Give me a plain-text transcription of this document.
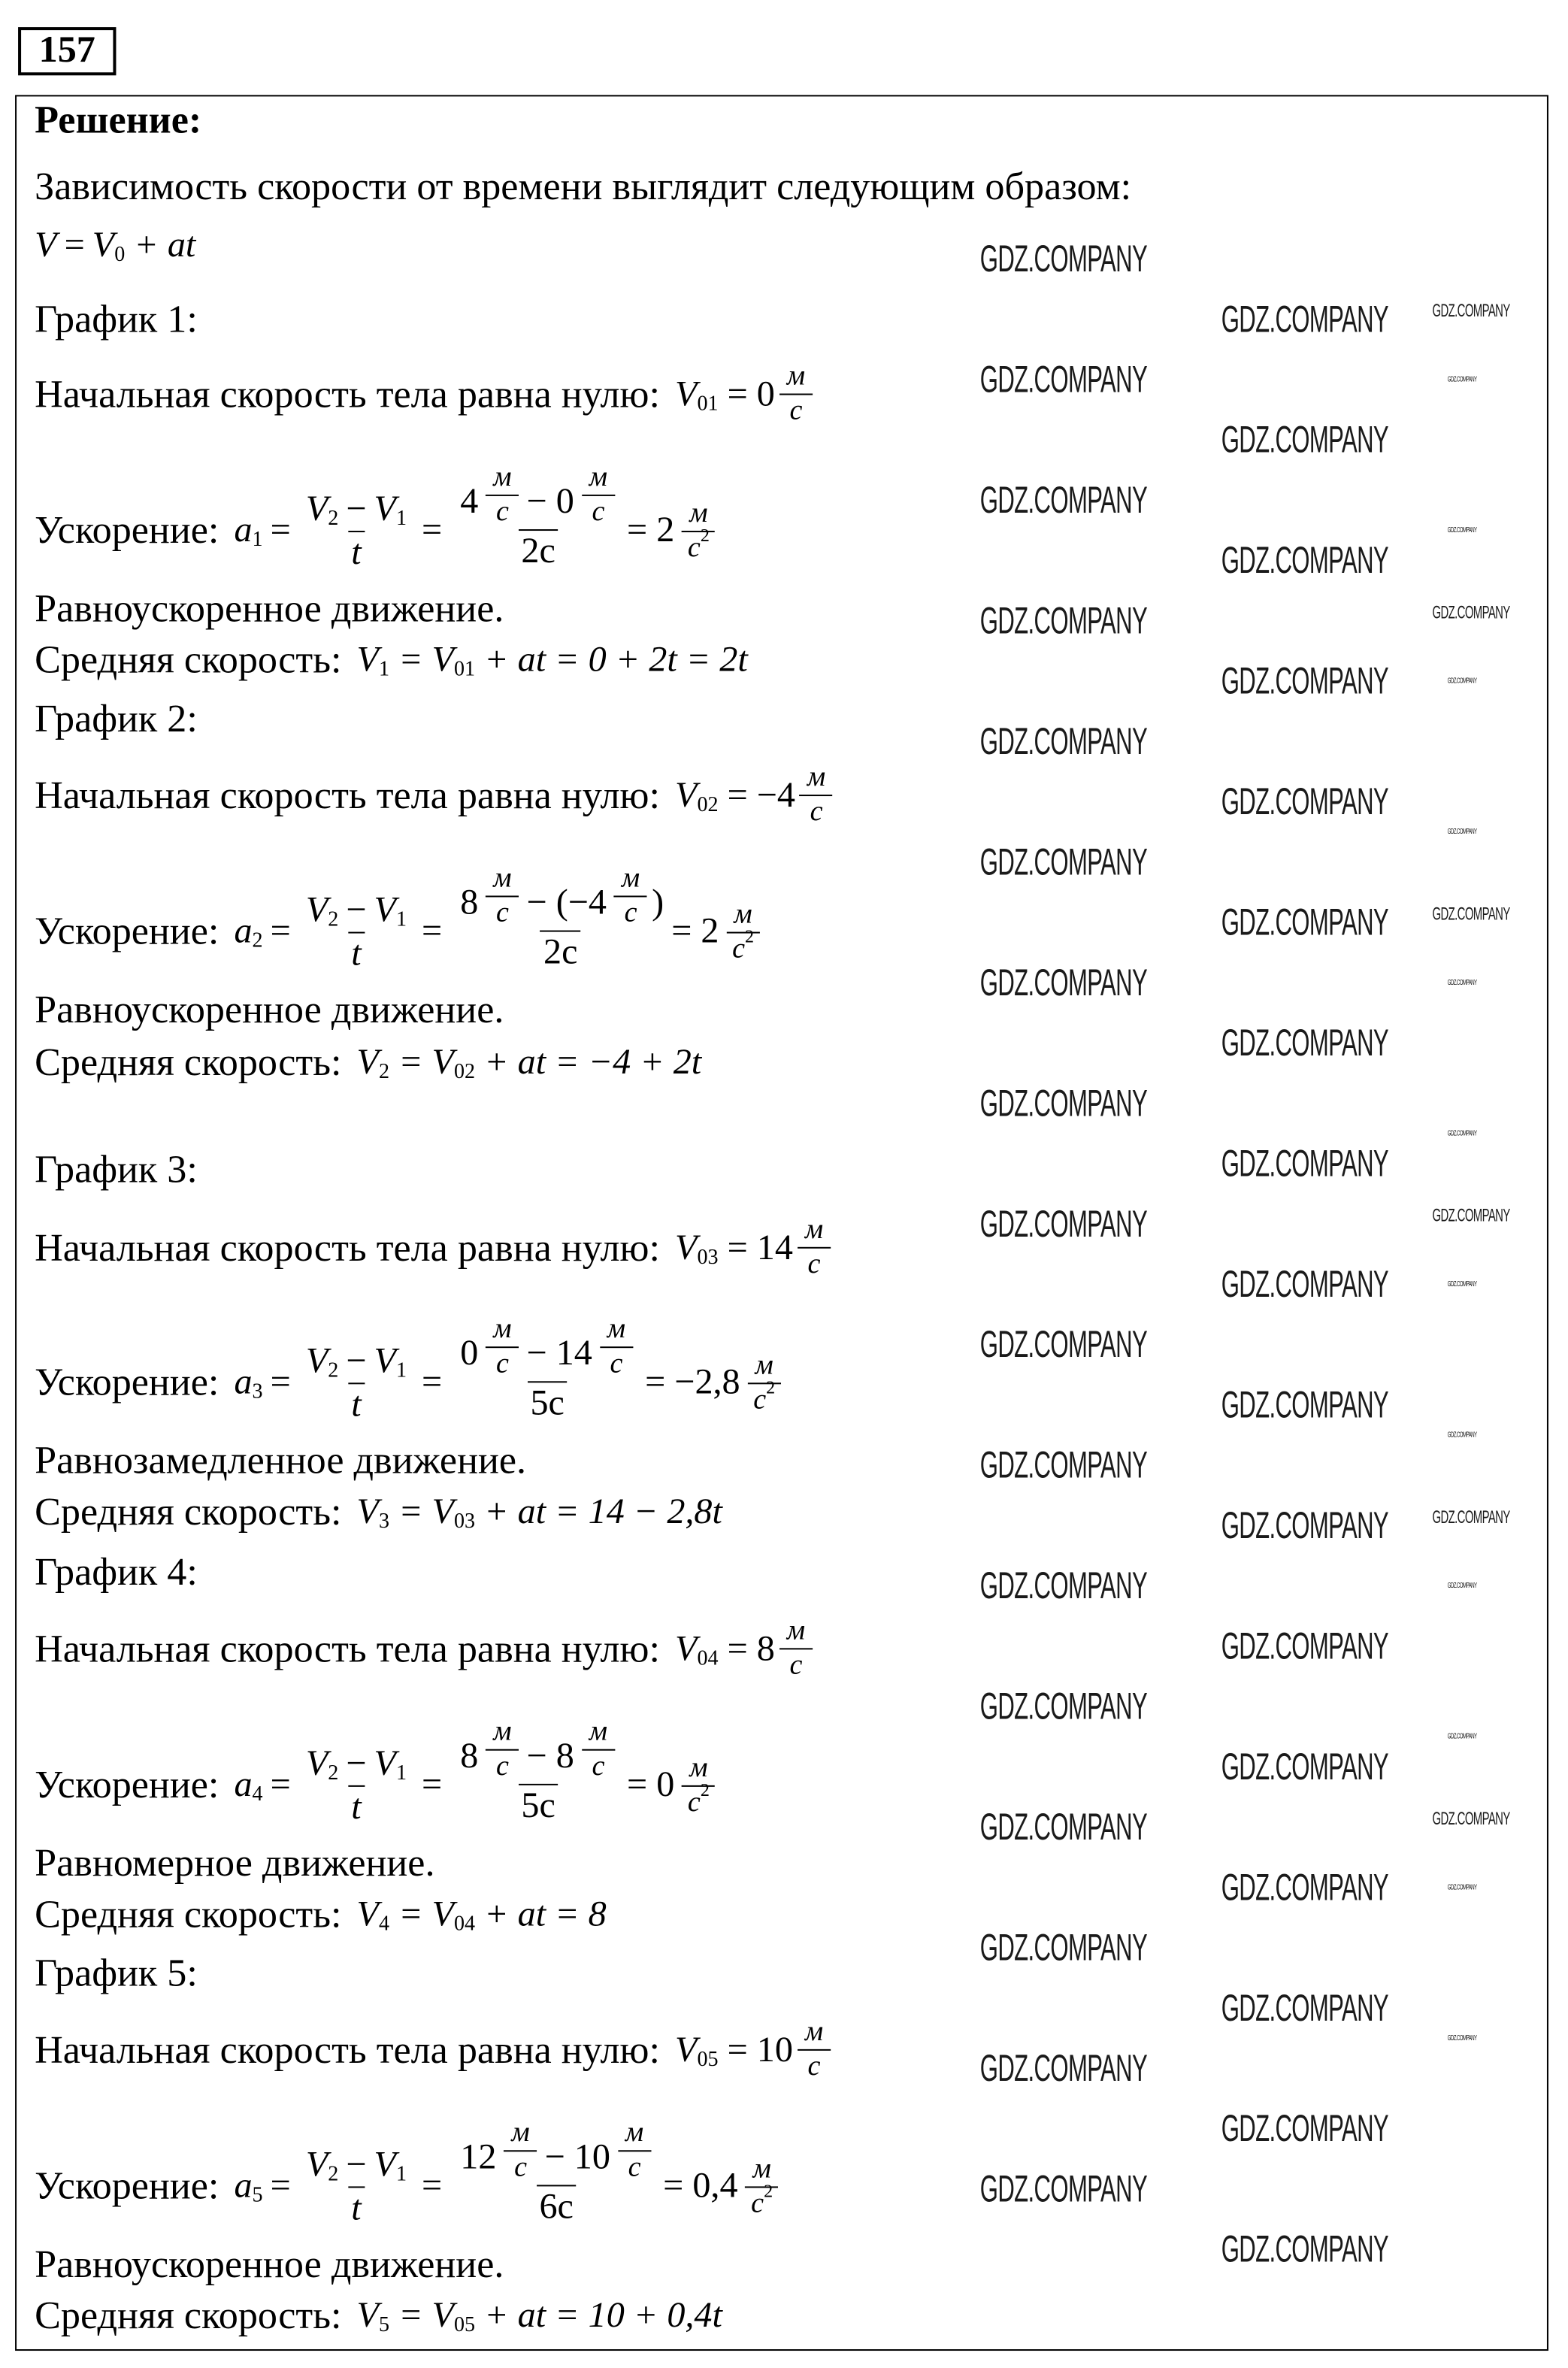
157
Решение:
Зависимость скорости от времени выглядит следующим образом:
V = V 0 + at
График 1:
Начальная скорость тела равна нулю: V $01 = 0 \frac{м}{с}$
Ускорение: a $1 = \frac{V 2 - V 1}{t} = \frac{4 \frac{м}{с} - 0 \frac{м}{с}}{2с} = 2 \frac{м}{с 2}$
Равноускоренное движение.
Средняя скорость: V 1 = V 01 + at = 0 + 2t = 2t
График 2:
Начальная скорость тела равна нулю: V $02 = -4 \frac{м}{с}$
Ускорение: a $2 = \frac{V 2 - V 1}{t} = \frac{8 \frac{м}{с} - (-4 \frac{м}{с} )}{2с} = 2 \frac{м}{с 2}$
Равноускоренное движение.
Средняя скорость: V 2 = V 02 + at = −4 + 2t
График 3:
Начальная скорость тела равна нулю: V $03 = 14 \frac{м}{с}$
Ускорение: a $3 = \frac{V 2 - V 1}{t} = \frac{0 \frac{м}{с} - 14 \frac{м}{с}}{5с} = -2,8 \frac{м}{с 2}$
Равнозамедленное движение.
Средняя скорость: V 3 = V 03 + at = 14 − 2,8t
График 4:
Начальная скорость тела равна нулю: V $04 = 8 \frac{м}{с}$
Ускорение: a $4 = \frac{V 2 - V 1}{t} = \frac{8 \frac{м}{с} - 8 \frac{м}{с}}{5с} = 0 \frac{м}{с 2}$
Равномерное движение.
Средняя скорость: V 4 = V 04 + at = 8
График 5:
Начальная скорость тела равна нулю: V $05 = 10 \frac{м}{с}$
Ускорение: a $5 = \frac{V 2 - V 1}{t} = \frac{12 \frac{м}{с} - 10 \frac{м}{с}}{6с} = 0,4 \frac{м}{с 2}$
Равноускоренное движение.
Средняя скорость: V 5 = V 05 + at = 10 + 0,4t
GDZ.COMPANY
GDZ.COMPANY
GDZ.COMPANY
GDZ.COMPANY
GDZ.COMPANY
GDZ.COMPANY
GDZ.COMPANY
GDZ.COMPANY
GDZ.COMPANY
GDZ.COMPANY
GDZ.COMPANY
GDZ.COMPANY
GDZ.COMPANY
GDZ.COMPANY
GDZ.COMPANY
GDZ.COMPANY
GDZ.COMPANY
GDZ.COMPANY
GDZ.COMPANY
GDZ.COMPANY
GDZ.COMPANY
GDZ.COMPANY
GDZ.COMPANY
GDZ.COMPANY
GDZ.COMPANY
GDZ.COMPANY
GDZ.COMPANY
GDZ.COMPANY
GDZ.COMPANY
GDZ.COMPANY
GDZ.COMPANY
GDZ.COMPANY
GDZ.COMPANY
GDZ.COMPANY
GDZ.COMPANY
GDZ.COMPANY
GDZ.COMPANY
GDZ.COMPANY
GDZ.COMPANY
GDZ.COMPANY
GDZ.COMPANY
GDZ.COMPANY
GDZ.COMPANY
GDZ.COMPANY
GDZ.COMPANY
GDZ.COMPANY
GDZ.COMPANY
GDZ.COMPANY
GDZ.COMPANY
GDZ.COMPANY
GDZ.COMPANY
GDZ.COMPANY
